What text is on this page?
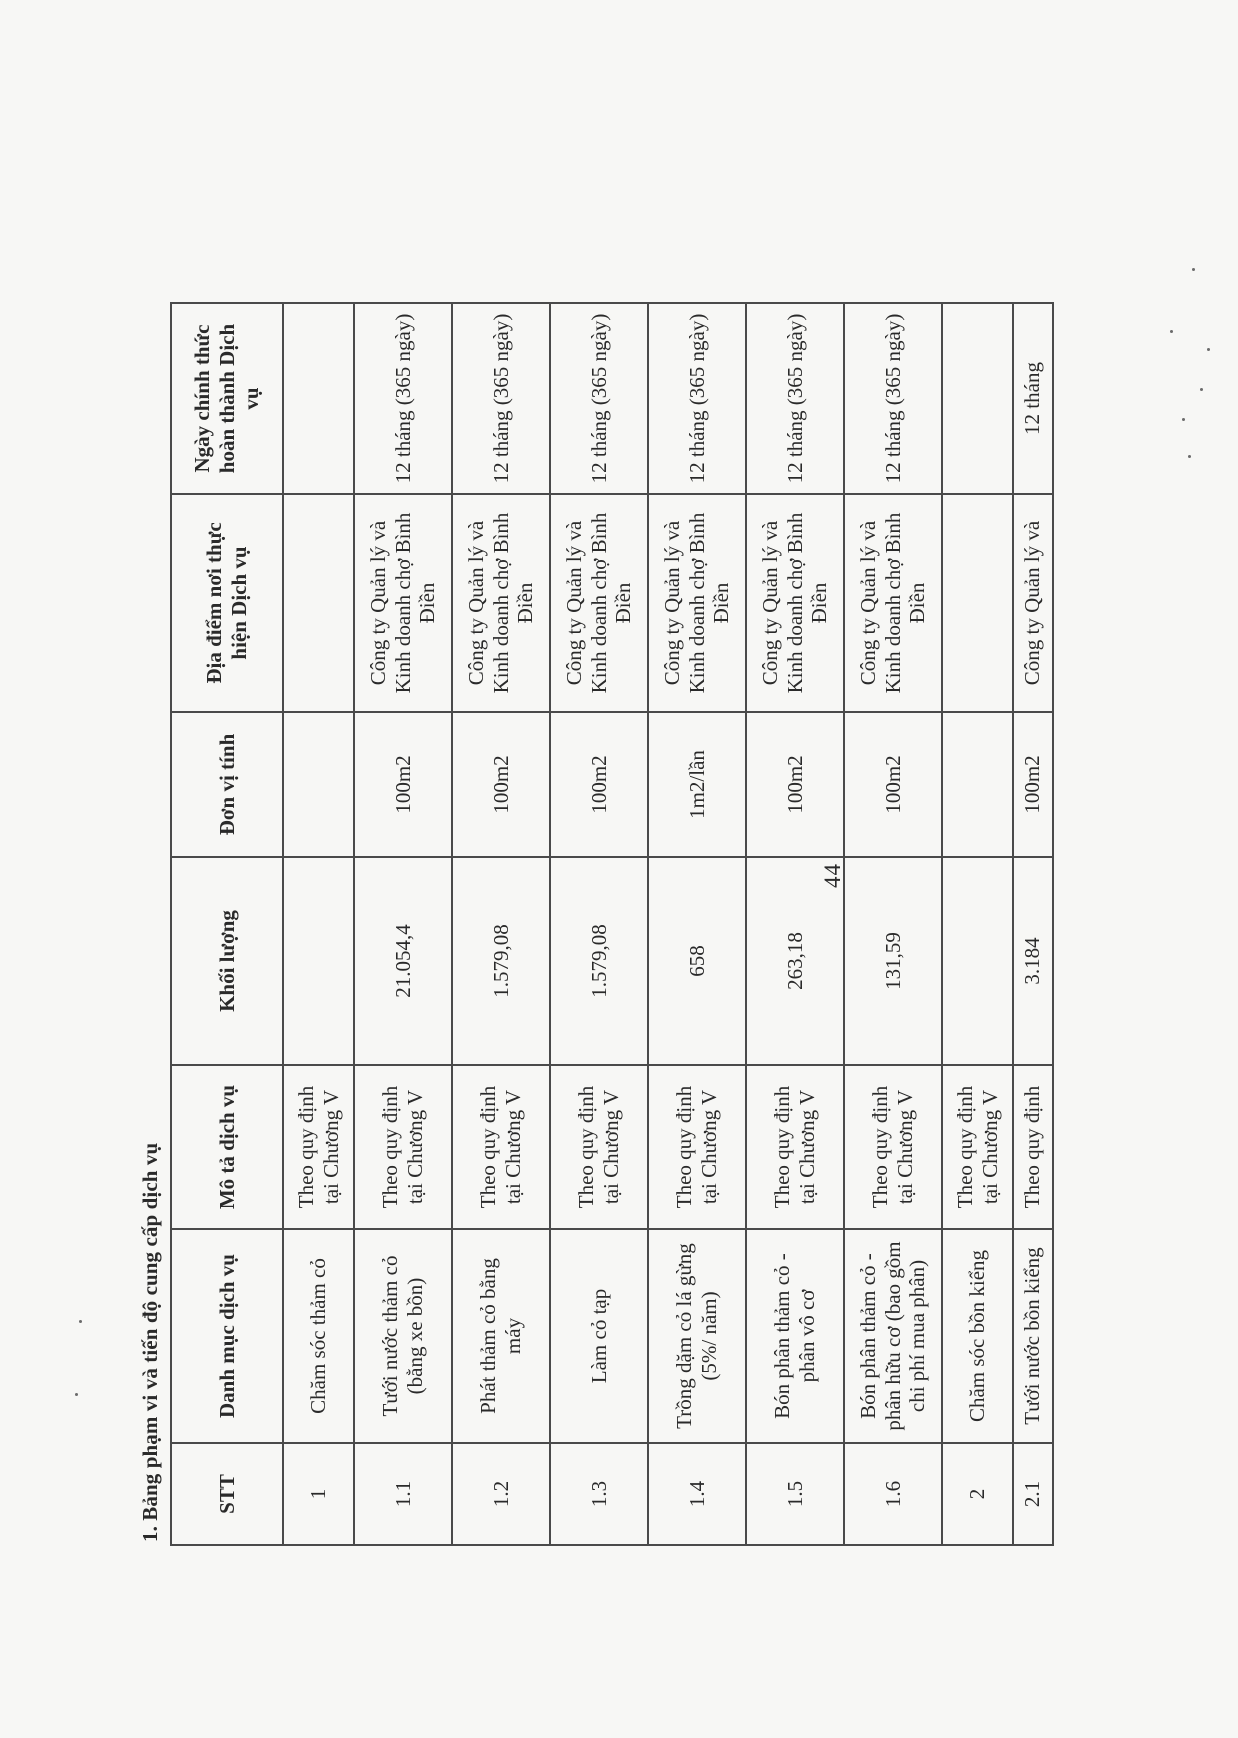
1. Bảng phạm vi và tiến độ cung cấp dịch vụ	STT	Danh mục dịch vụ	Mô tả dịch vụ	Khối lượng	Đơn vị tính	Địa điểm nơi thực hiện Dịch vụ	Ngày chính thức hoàn thành Dịch vụ
1	Chăm sóc thảm cỏ	Theo quy định tại Chương V				
1.1	Tưới nước thảm cỏ (bằng xe bồn)	Theo quy định tại Chương V	21.054,4	100m2	Công ty Quản lý và Kinh doanh chợ Bình Điền	12 tháng (365 ngày)
1.2	Phát thảm cỏ bằng máy	Theo quy định tại Chương V	1.579,08	100m2	Công ty Quản lý và Kinh doanh chợ Bình Điền	12 tháng (365 ngày)
1.3	Làm cỏ tạp	Theo quy định tại Chương V	1.579,08	100m2	Công ty Quản lý và Kinh doanh chợ Bình Điền	12 tháng (365 ngày)
1.4	Trồng dặm cỏ lá gừng (5%/ năm)	Theo quy định tại Chương V	658	1m2/lần	Công ty Quản lý và Kinh doanh chợ Bình Điền	12 tháng (365 ngày)
1.5	Bón phân thảm cỏ - phân vô cơ	Theo quy định tại Chương V	263,18	100m2	Công ty Quản lý và Kinh doanh chợ Bình Điền	12 tháng (365 ngày)
1.6	Bón phân thảm cỏ - phân hữu cơ (bao gồm chi phí mua phân)	Theo quy định tại Chương V	131,59	100m2	Công ty Quản lý và Kinh doanh chợ Bình Điền	12 tháng (365 ngày)
2	Chăm sóc bồn kiểng	Theo quy định tại Chương V				
2.1	Tưới nước bồn kiểng	Theo quy định	3.184	100m2	Công ty Quản lý và	12 tháng
44
